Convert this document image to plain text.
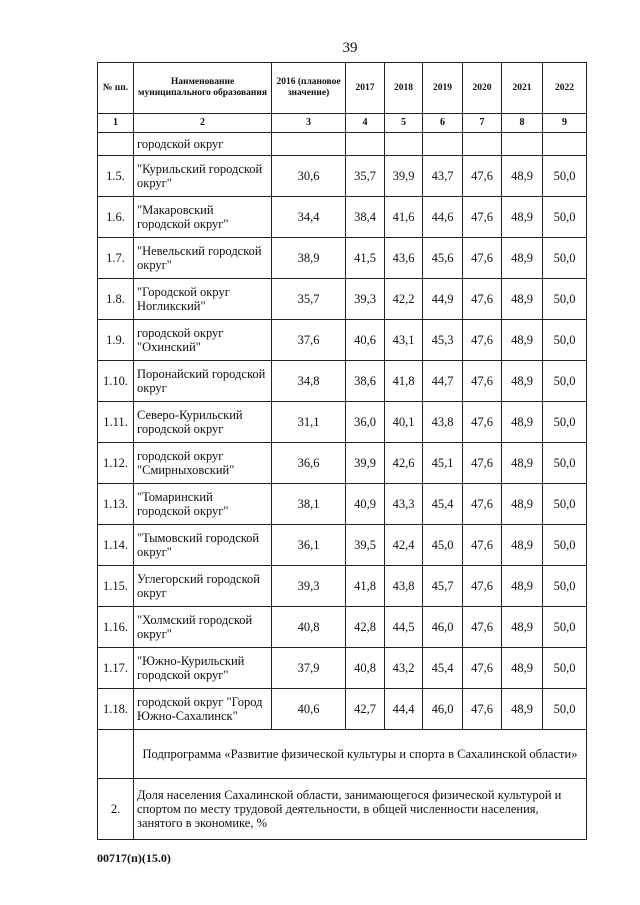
39
№ пп.	Наименование муниципального образования	2016 (плановое значение)	2017	2018	2019	2020	2021	2022
1	2	3	4	5	6	7	8	9
	городской округ							
1.5.	"Курильский городской округ"	30,6	35,7	39,9	43,7	47,6	48,9	50,0
1.6.	"Макаровский городской округ"	34,4	38,4	41,6	44,6	47,6	48,9	50,0
1.7.	"Невельский городской округ"	38,9	41,5	43,6	45,6	47,6	48,9	50,0
1.8.	"Городской округ Ногликский"	35,7	39,3	42,2	44,9	47,6	48,9	50,0
1.9.	городской округ "Охинский"	37,6	40,6	43,1	45,3	47,6	48,9	50,0
1.10.	Поронайский городской округ	34,8	38,6	41,8	44,7	47,6	48,9	50,0
1.11.	Северо-Курильский городской округ	31,1	36,0	40,1	43,8	47,6	48,9	50,0
1.12.	городской округ "Смирныховский"	36,6	39,9	42,6	45,1	47,6	48,9	50,0
1.13.	"Томаринский городской округ"	38,1	40,9	43,3	45,4	47,6	48,9	50,0
1.14.	"Тымовский городской округ"	36,1	39,5	42,4	45,0	47,6	48,9	50,0
1.15.	Углегорский городской округ	39,3	41,8	43,8	45,7	47,6	48,9	50,0
1.16.	"Холмский городской округ"	40,8	42,8	44,5	46,0	47,6	48,9	50,0
1.17.	"Южно-Курильский городской округ"	37,9	40,8	43,2	45,4	47,6	48,9	50,0
1.18.	городской округ "Город Южно-Сахалинск"	40,6	42,7	44,4	46,0	47,6	48,9	50,0
	Подпрограмма «Развитие физической культуры и спорта в Сахалинской области»							
2.	Доля населения Сахалинской области, занимающегося физической культурой и спортом по месту трудовой деятельности, в общей численности населения, занятого в экономике, %							
00717(п)(15.0)
